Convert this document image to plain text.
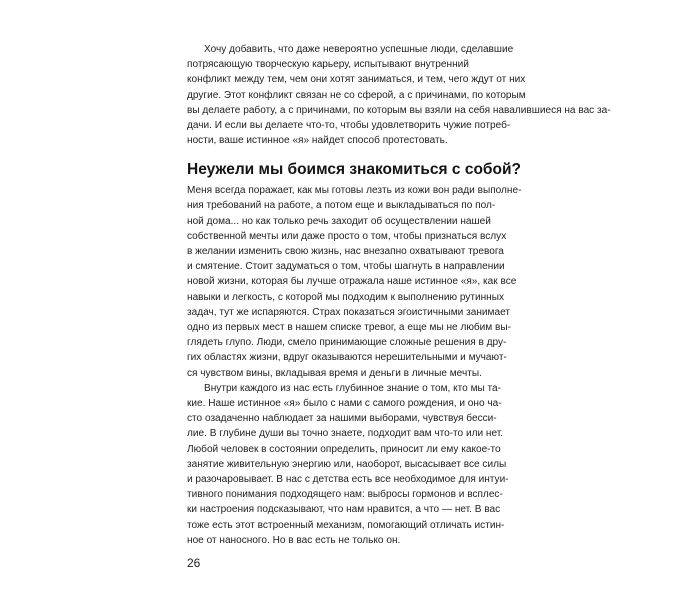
Неужели мы боимся знакомиться с собой?
26
Хочу добавить, что даже невероятно успешные люди, сделавшие
потрясающую творческую карьеру, испытывают внутренний
конфликт между тем, чем они хотят заниматься, и тем, чего ждут от них
другие. Этот конфликт связан не со сферой, а с причинами, по которым
вы делаете работу, а с причинами, по которым вы взяли на себя навалившиеся на вас за-
дачи. И если вы делаете что-то, чтобы удовлетворить чужие потреб-
ности, ваше истинное «я» найдет способ протестовать.
Меня всегда поражает, как мы готовы лезть из кожи вон ради выполне-
ния требований на работе, а потом еще и выкладываться по пол-
ной дома... но как только речь заходит об осуществлении нашей
собственной мечты или даже просто о том, чтобы признаться вслух
в желании изменить свою жизнь, нас внезапно охватывают тревога
и смятение. Стоит задуматься о том, чтобы шагнуть в направлении
новой жизни, которая бы лучше отражала наше истинное «я», как все
навыки и легкость, с которой мы подходим к выполнению рутинных
задач, тут же испаряются. Страх показаться эгоистичными занимает
одно из первых мест в нашем списке тревог, а еще мы не любим вы-
глядеть глупо. Люди, смело принимающие сложные решения в дру-
гих областях жизни, вдруг оказываются нерешительными и мучают-
ся чувством вины, вкладывая время и деньги в личные мечты.
Внутри каждого из нас есть глубинное знание о том, кто мы та-
кие. Наше истинное «я» было с нами с самого рождения, и оно ча-
сто озадаченно наблюдает за нашими выборами, чувствуя бесси-
лие. В глубине души вы точно знаете, подходит вам что-то или нет.
Любой человек в состоянии определить, приносит ли ему какое-то
занятие живительную энергию или, наоборот, высасывает все силы
и разочаровывает. В нас с детства есть все необходимое для интуи-
тивного понимания подходящего нам: выбросы гормонов и всплес-
ки настроения подсказывают, что нам нравится, а что — нет. В вас
тоже есть этот встроенный механизм, помогающий отличать истин-
ное от наносного. Но в вас есть не только он.
